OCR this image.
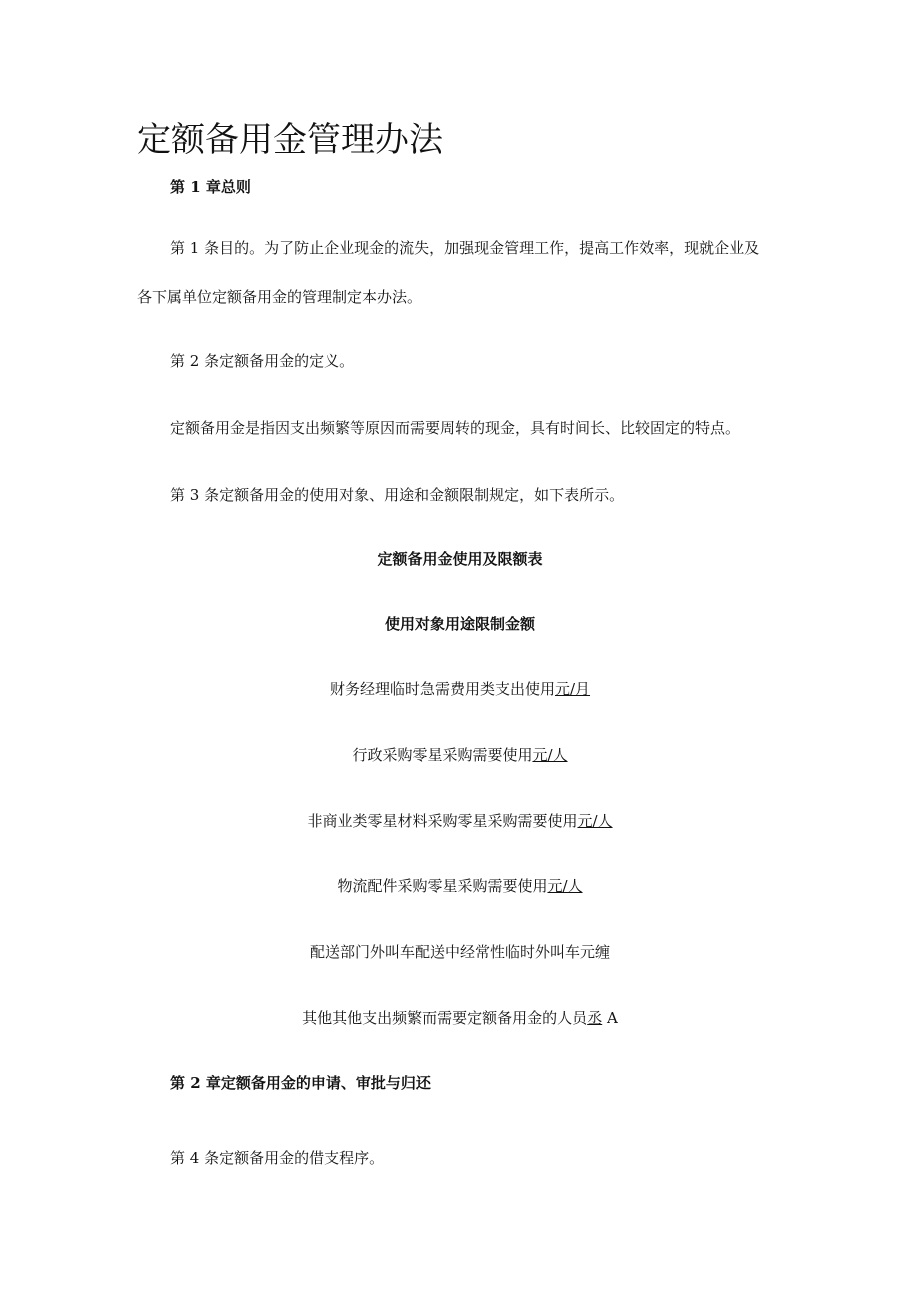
定额备用金管理办法
第 1 章总则
第 1 条目的。为了防止企业现金的流失，加强现金管理工作，提高工作效率，现就企业及
各下属单位定额备用金的管理制定本办法。
第 2 条定额备用金的定义。
定额备用金是指因支出频繁等原因而需要周转的现金，具有时间长、比较固定的特点。
第 3 条定额备用金的使用对象、用途和金额限制规定，如下表所示。
定额备用金使用及限额表
使用对象用途限制金额
财务经理临时急需费用类支出使用元/月
行政采购零星采购需要使用元/人
非商业类零星材料采购零星采购需要使用元/人
物流配件采购零星采购需要使用元/人
配送部门外叫车配送中经常性临时外叫车元缠
其他其他支出频繁而需要定额备用金的人员丞 A
第 2 章定额备用金的申请、审批与归还
第 4 条定额备用金的借支程序。
